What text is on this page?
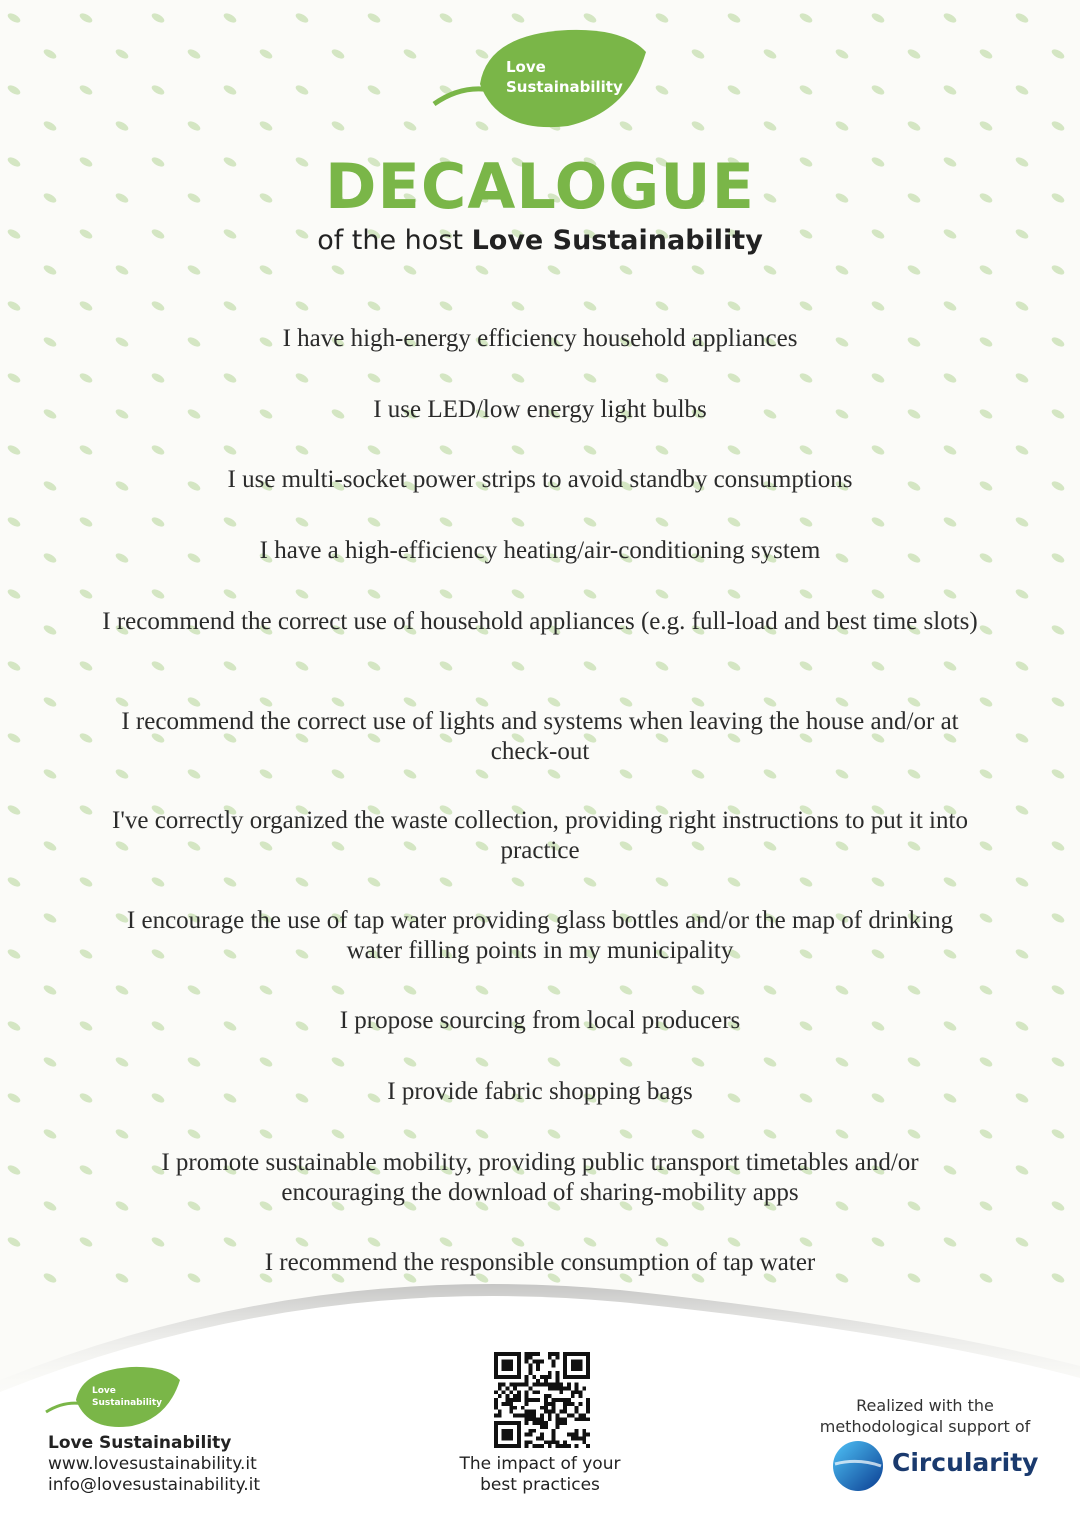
Love
Sustainability
DECALOGUE
of the host Love Sustainability
I have high-energy efficiency household appliances
I use LED/low energy light bulbs
I use multi-socket power strips to avoid standby consumptions
I have a high-efficiency heating/air-conditioning system
I recommend the correct use of household appliances (e.g. full-load and best time slots)
I recommend the correct use of lights and systems when leaving the house and/or at check-out
I've correctly organized the waste collection, providing right instructions to put it into practice
I encourage the use of tap water providing glass bottles and/or the map of drinking water filling points in my municipality
I propose sourcing from local producers
I provide fabric shopping bags
I promote sustainable mobility, providing public transport timetables and/or encouraging the download of sharing-mobility apps
I recommend the responsible consumption of tap water
Love
Sustainability
Love Sustainability
www.lovesustainability.it
info@lovesustainability.it
The impact of your
best practices
Realized with the
methodological support of
Circularity
